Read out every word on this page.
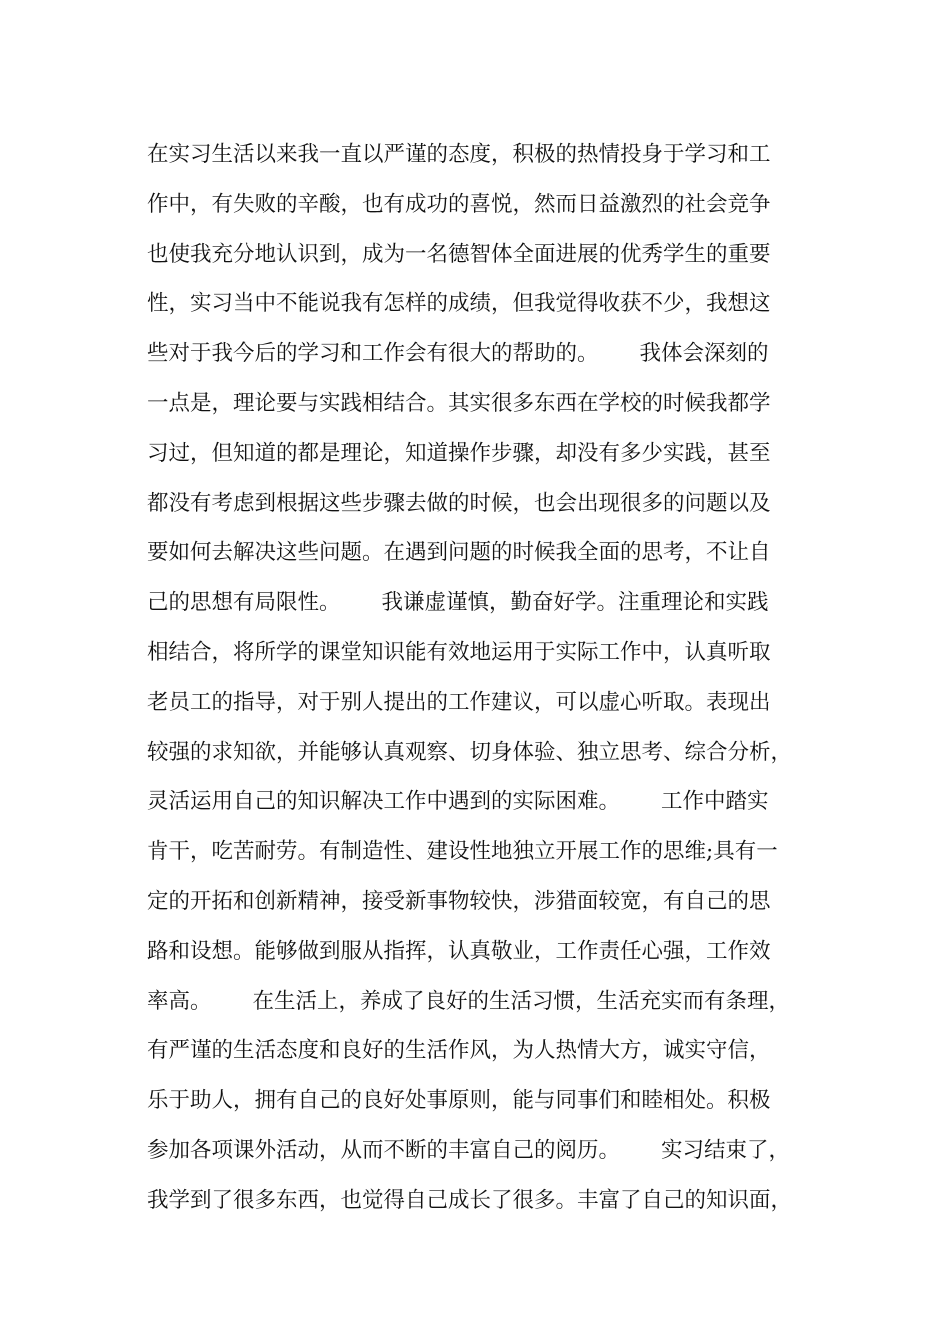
在实习生活以来我一直以严谨的态度，积极的热情投身于学习和工
作中，有失败的辛酸，也有成功的喜悦，然而日益激烈的社会竞争
也使我充分地认识到，成为一名德智体全面进展的优秀学生的重要
性，实习当中不能说我有怎样的成绩，但我觉得收获不少，我想这
些对于我今后的学习和工作会有很大的帮助的。      我体会深刻的
一点是，理论要与实践相结合。其实很多东西在学校的时候我都学
习过，但知道的都是理论，知道操作步骤，却没有多少实践，甚至
都没有考虑到根据这些步骤去做的时候，也会出现很多的问题以及
要如何去解决这些问题。在遇到问题的时候我全面的思考，不让自
己的思想有局限性。      我谦虚谨慎，勤奋好学。注重理论和实践
相结合，将所学的课堂知识能有效地运用于实际工作中，认真听取
老员工的指导，对于别人提出的工作建议，可以虚心听取。表现出
较强的求知欲，并能够认真观察、切身体验、独立思考、综合分析，
灵活运用自己的知识解决工作中遇到的实际困难。      工作中踏实
肯干，吃苦耐劳。有制造性、建设性地独立开展工作的思维;具有一
定的开拓和创新精神，接受新事物较快，涉猎面较宽，有自己的思
路和设想。能够做到服从指挥，认真敬业，工作责任心强，工作效
率高。      在生活上，养成了良好的生活习惯，生活充实而有条理，
有严谨的生活态度和良好的生活作风，为人热情大方，诚实守信，
乐于助人，拥有自己的良好处事原则，能与同事们和睦相处。积极
参加各项课外活动，从而不断的丰富自己的阅历。      实习结束了，
我学到了很多东西，也觉得自己成长了很多。丰富了自己的知识面，
